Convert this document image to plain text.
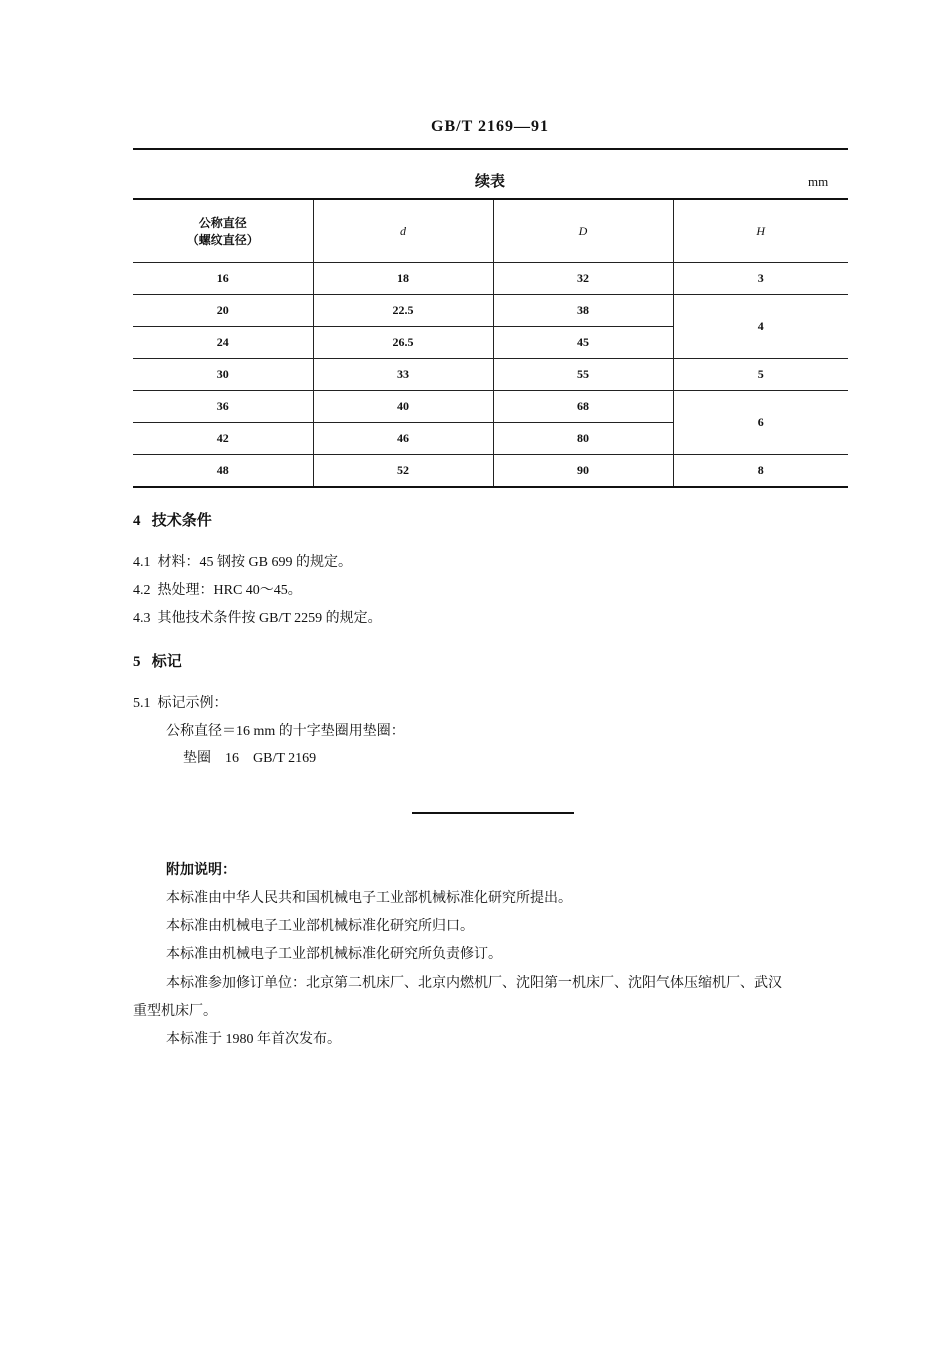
GB/T 2169—91
续表	mm
公称直径
（螺纹直径）	d	D	H
16	18	32	3
20	22.5	38	4
24	26.5	45	
30	33	55	5
36	40	68	6
42	46	80	
48	52	90	8
4 技术条件
4.1 材料：45 钢按 GB 699 的规定。
4.2 热处理：HRC 40～45。
4.3 其他技术条件按 GB/T 2259 的规定。
5 标记
5.1 标记示例：
公称直径＝16 mm 的十字垫圈用垫圈：
垫圈　16　GB/T 2169
附加说明：
本标准由中华人民共和国机械电子工业部机械标准化研究所提出。
本标准由机械电子工业部机械标准化研究所归口。
本标准由机械电子工业部机械标准化研究所负责修订。
本标准参加修订单位：北京第二机床厂、北京内燃机厂、沈阳第一机床厂、沈阳气体压缩机厂、武汉
重型机床厂。
本标准于 1980 年首次发布。
